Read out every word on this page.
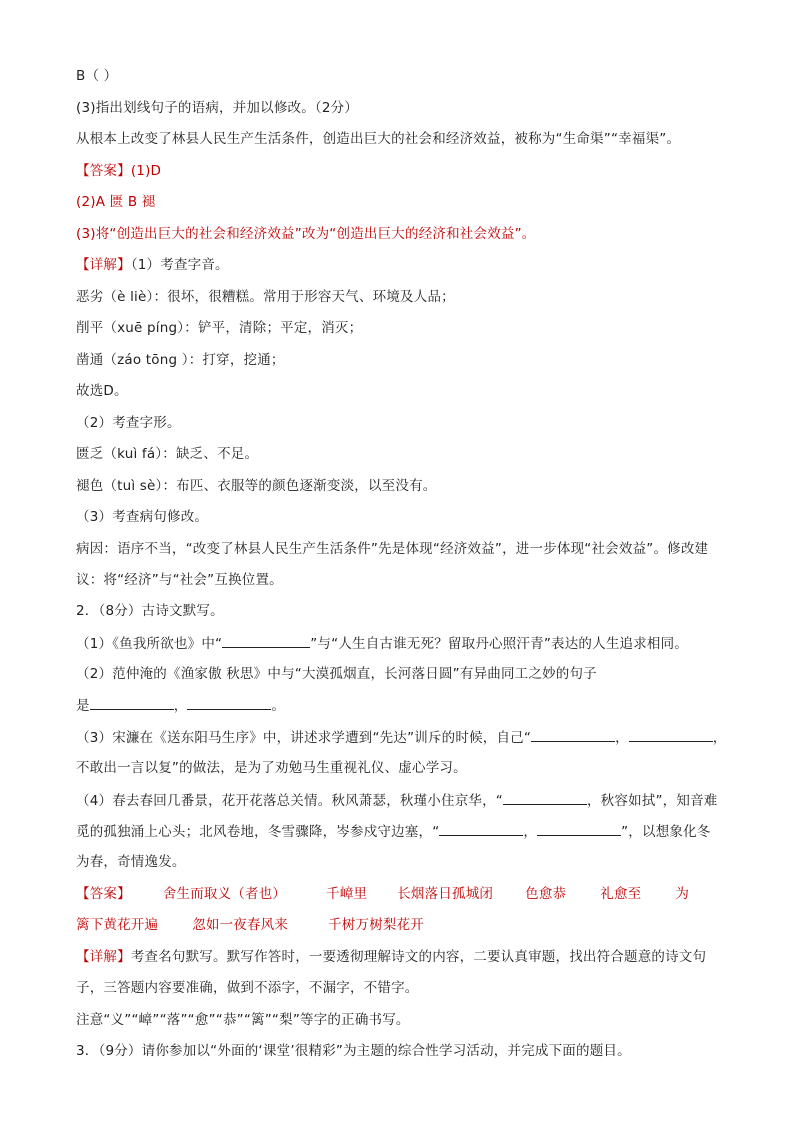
B（ ）
(3)指出划线句子的语病，并加以修改。（2分）
从根本上改变了林县人民生产生活条件，创造出巨大的社会和经济效益，被称为“生命渠”“幸福渠”。
【答案】(1)D
(2)A 匮 B 褪
(3)将“创造出巨大的社会和经济效益”改为“创造出巨大的经济和社会效益”。
【详解】（1）考查字音。
恶劣（è liè）：很坏，很糟糕。常用于形容天气、环境及人品；
削平（xuē píng）：铲平，清除；平定，消灭；
凿通（záo tōng ）：打穿，挖通；
故选D。
（2）考查字形。
匮乏（kuì fá）：缺乏、不足。
褪色（tuì sè）：布匹、衣服等的颜色逐渐变淡，以至没有。
（3）考查病句修改。
病因：语序不当，“改变了林县人民生产生活条件”先是体现“经济效益”，进一步体现“社会效益”。修改建
议：将“经济”与“社会”互换位置。
2．（8分）古诗文默写。
（1）《鱼我所欲也》中“	”与“人生自古谁无死？留取丹心照汗青”表达的人生追求相同。
（2）范仲淹的《渔家傲 秋思》中与“大漠孤烟直，长河落日圆”有异曲同工之妙的句子
是	，	。
（3）宋濂在《送东阳马生序》中，讲述求学遭到“先达”训斥的时候，自己“	，	，
不敢出一言以复”的做法，是为了劝勉马生重视礼仪、虚心学习。
（4）春去春回几番景，花开花落总关情。秋风萧瑟，秋瑾小住京华，“	，秋容如拭”，知音难
觅的孤独涌上心头；北风卷地，冬雪骤降，岑参戍守边塞，“	，	”，以想象化冬
为春，奇情逸发。
【答案】 舍生而取义（者也）	千嶂里 长烟落日孤城闭 色愈恭	礼愈至	为
篱下黄花开遍	忽如一夜春风来	千树万树梨花开
【详解】考查名句默写。默写作答时，一要透彻理解诗文的内容，二要认真审题，找出符合题意的诗文句
子，三答题内容要准确，做到不添字，不漏字，不错字。
注意“义”“嶂”“落”“愈”“恭”“篱”“梨”等字的正确书写。
3．（9分）请你参加以“外面的‘课堂’很精彩”为主题的综合性学习活动，并完成下面的题目。
